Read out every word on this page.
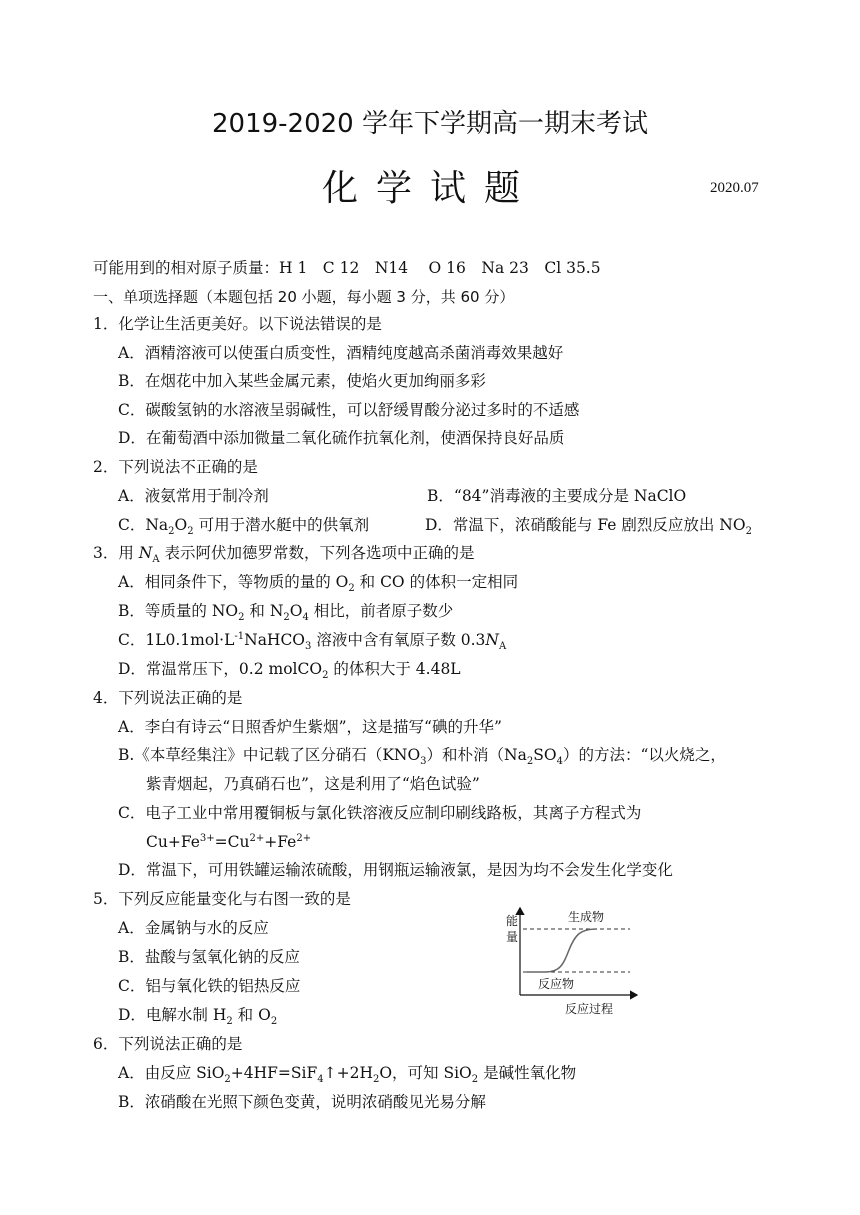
2019-2020 学年下学期高一期末考试
化学试题	2020.07
可能用到的相对原子质量：H 1　C 12　N14　 O 16　Na 23　Cl 35.5
一、单项选择题（本题包括 20 小题，每小题 3 分，共 60 分）
1．化学让生活更美好。以下说法错误的是
A．酒精溶液可以使蛋白质变性，酒精纯度越高杀菌消毒效果越好
B．在烟花中加入某些金属元素，使焰火更加绚丽多彩
C．碳酸氢钠的水溶液呈弱碱性，可以舒缓胃酸分泌过多时的不适感
D．在葡萄酒中添加微量二氧化硫作抗氧化剂，使酒保持良好品质
2．下列说法不正确的是
A．液氨常用于制冷剂	B．“84”消毒液的主要成分是 NaClO
C．$Na_2O_2$ 可用于潜水艇中的供氧剂	D．常温下，浓硝酸能与 Fe 剧烈反应放出 $NO_2$
3．用 $N_A$ 表示阿伏加德罗常数，下列各选项中正确的是
A．相同条件下，等物质的量的 $O_2$ 和 CO 的体积一定相同
B．等质量的 $NO_2$ 和 $N_2O_4$ 相比，前者原子数少
C．$1L0.1mol\cdot L^{-1}NaHCO_3$ 溶液中含有氧原子数 $0.3N_A$
D．常温常压下，0.2 molCO$_2$ 的体积大于 4.48L
4．下列说法正确的是
A．李白有诗云“日照香炉生紫烟”，这是描写“碘的升华”
B.《本草经集注》中记载了区分硝石$(KNO_3)$和朴消$(Na_2SO_4)$的方法：“以火烧之，
紫青烟起，乃真硝石也”，这是利用了“焰色试验”
C．电子工业中常用覆铜板与氯化铁溶液反应制印刷线路板，其离子方程式为
$Cu+Fe^{3+}=Cu^{2+}+Fe^{2+}$
D．常温下，可用铁罐运输浓硫酸，用钢瓶运输液氯，是因为均不会发生化学变化
5．下列反应能量变化与右图一致的是
A．金属钠与水的反应
B．盐酸与氢氧化钠的反应
C．铝与氧化铁的铝热反应
D．电解水制 $H_2$ 和 $O_2$
能
量
生成物
反应物
反应过程
6．下列说法正确的是
A．由反应 $SiO_2+4HF=SiF_4↑+2H_2O$，可知 SiO$_2$ 是碱性氧化物
B．浓硝酸在光照下颜色变黄，说明浓硝酸见光易分解
